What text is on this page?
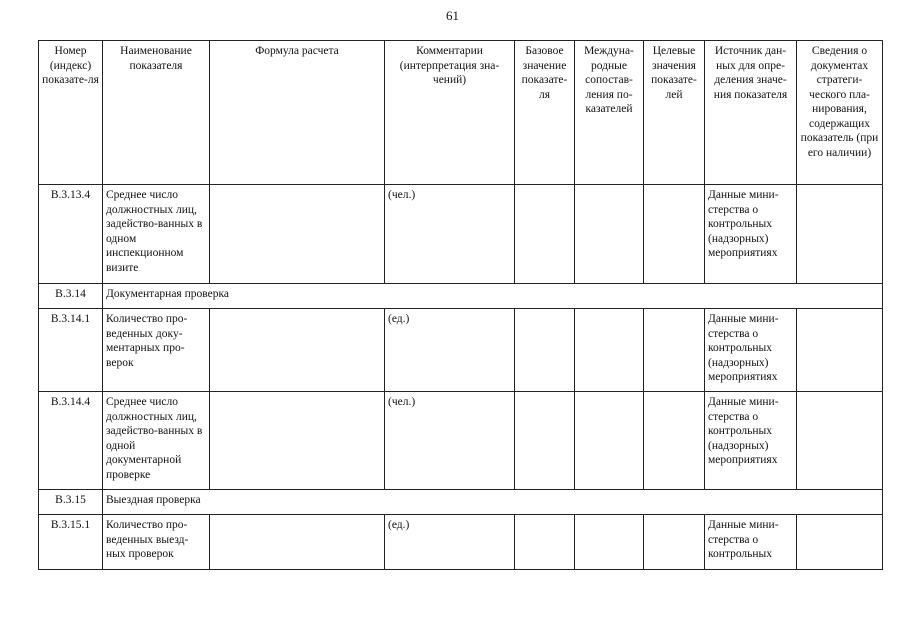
61
Номер (индекс) показате-ля	Наименование показателя	Формула расчета	Комментарии (интерпретация зна-чений)	Базовое значение показате-ля	Междуна-родные сопостав-ления по-казателей	Целевые значения показате-лей	Источник дан-ных для опре-деления значе-ния показателя	Сведения о документах стратеги-ческого пла-нирования, содержащих показатель (при его наличии)
В.3.13.4	Среднее число должностных лиц, задейство-ванных в одном инспекционном визите		(чел.)				Данные мини-стерства о контрольных (надзорных) мероприятиях	
В.3.14	Документарная проверка							
В.3.14.1	Количество про-веденных доку-ментарных про-верок		(ед.)				Данные мини-стерства о контрольных (надзорных) мероприятиях	
В.3.14.4	Среднее число должностных лиц, задейство-ванных в одной документарной проверке		(чел.)				Данные мини-стерства о контрольных (надзорных) мероприятиях	
В.3.15	Выездная проверка							
В.3.15.1	Количество про-веденных выезд-ных проверок		(ед.)				Данные мини-стерства о контрольных	
